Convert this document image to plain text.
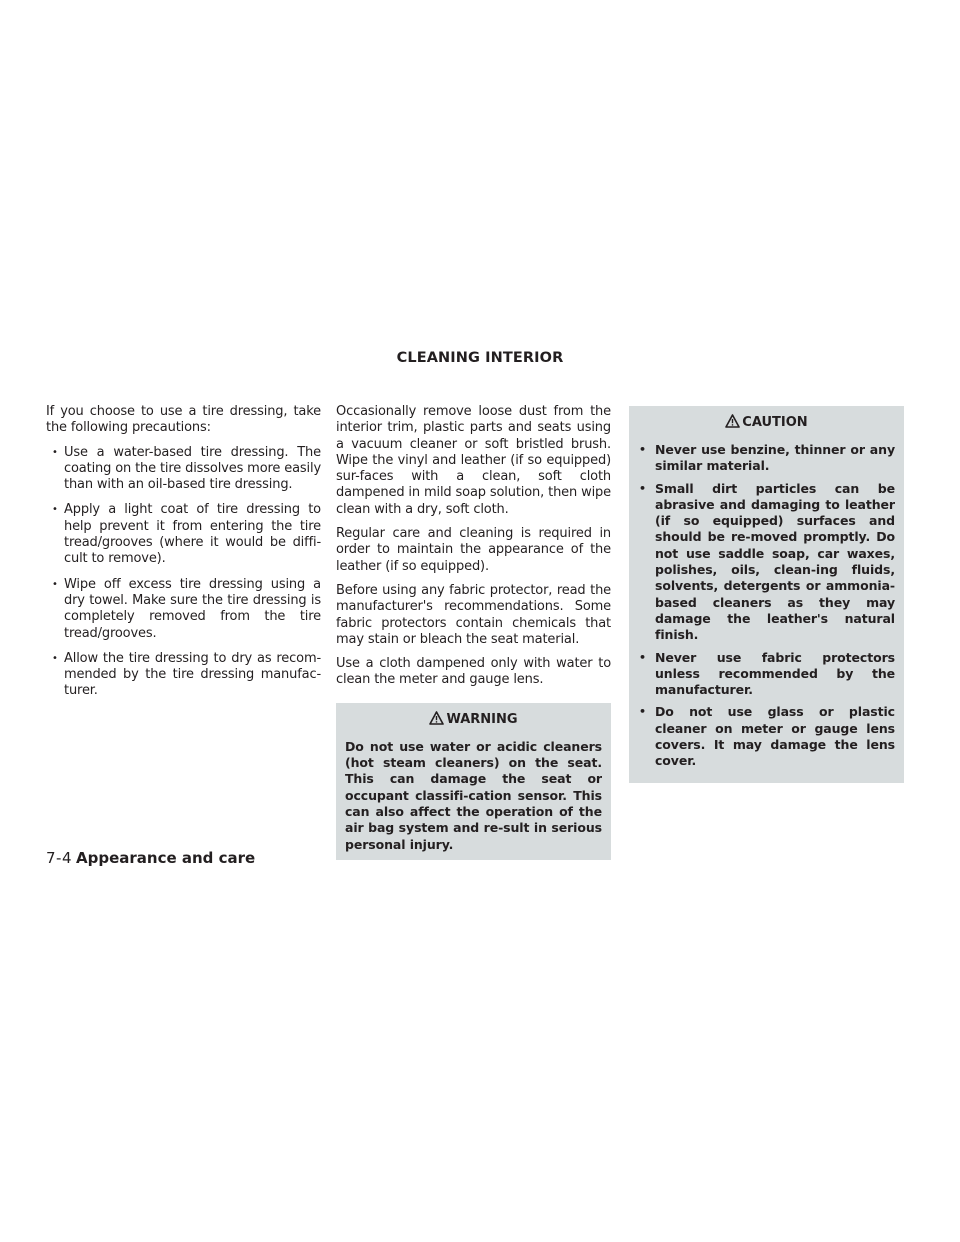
CLEANING INTERIOR

If you choose to use a tire dressing, take the following precautions:

• Use a water-based tire dressing. The coating on the tire dissolves more easily than with an oil-based tire dressing.
• Apply a light coat of tire dressing to help prevent it from entering the tire tread/grooves (where it would be diffi-cult to remove).
• Wipe off excess tire dressing using a dry towel. Make sure the tire dressing is completely removed from the tire tread/grooves.
• Allow the tire dressing to dry as recom-mended by the tire dressing manufac-turer.

Occasionally remove loose dust from the interior trim, plastic parts and seats using a vacuum cleaner or soft bristled brush. Wipe the vinyl and leather (if so equipped) sur-faces with a clean, soft cloth dampened in mild soap solution, then wipe clean with a dry, soft cloth.

Regular care and cleaning is required in order to maintain the appearance of the leather (if so equipped).

Before using any fabric protector, read the manufacturer's recommendations. Some fabric protectors contain chemicals that may stain or bleach the seat material.

Use a cloth dampened only with water to clean the meter and gauge lens.

WARNING
Do not use water or acidic cleaners (hot steam cleaners) on the seat. This can damage the seat or occupant classifi-cation sensor. This can also affect the operation of the air bag system and re-sult in serious personal injury.
CAUTION
• Never use benzine, thinner or any similar material.
• Small dirt particles can be abrasive and damaging to leather (if so equipped) surfaces and should be re-moved promptly. Do not use saddle soap, car waxes, polishes, oils, clean-ing fluids, solvents, detergents or ammonia-based cleaners as they may damage the leather's natural finish.
• Never use fabric protectors unless recommended by the manufacturer.
• Do not use glass or plastic cleaner on meter or gauge lens covers. It may damage the lens cover.
7-4 Appearance and care
